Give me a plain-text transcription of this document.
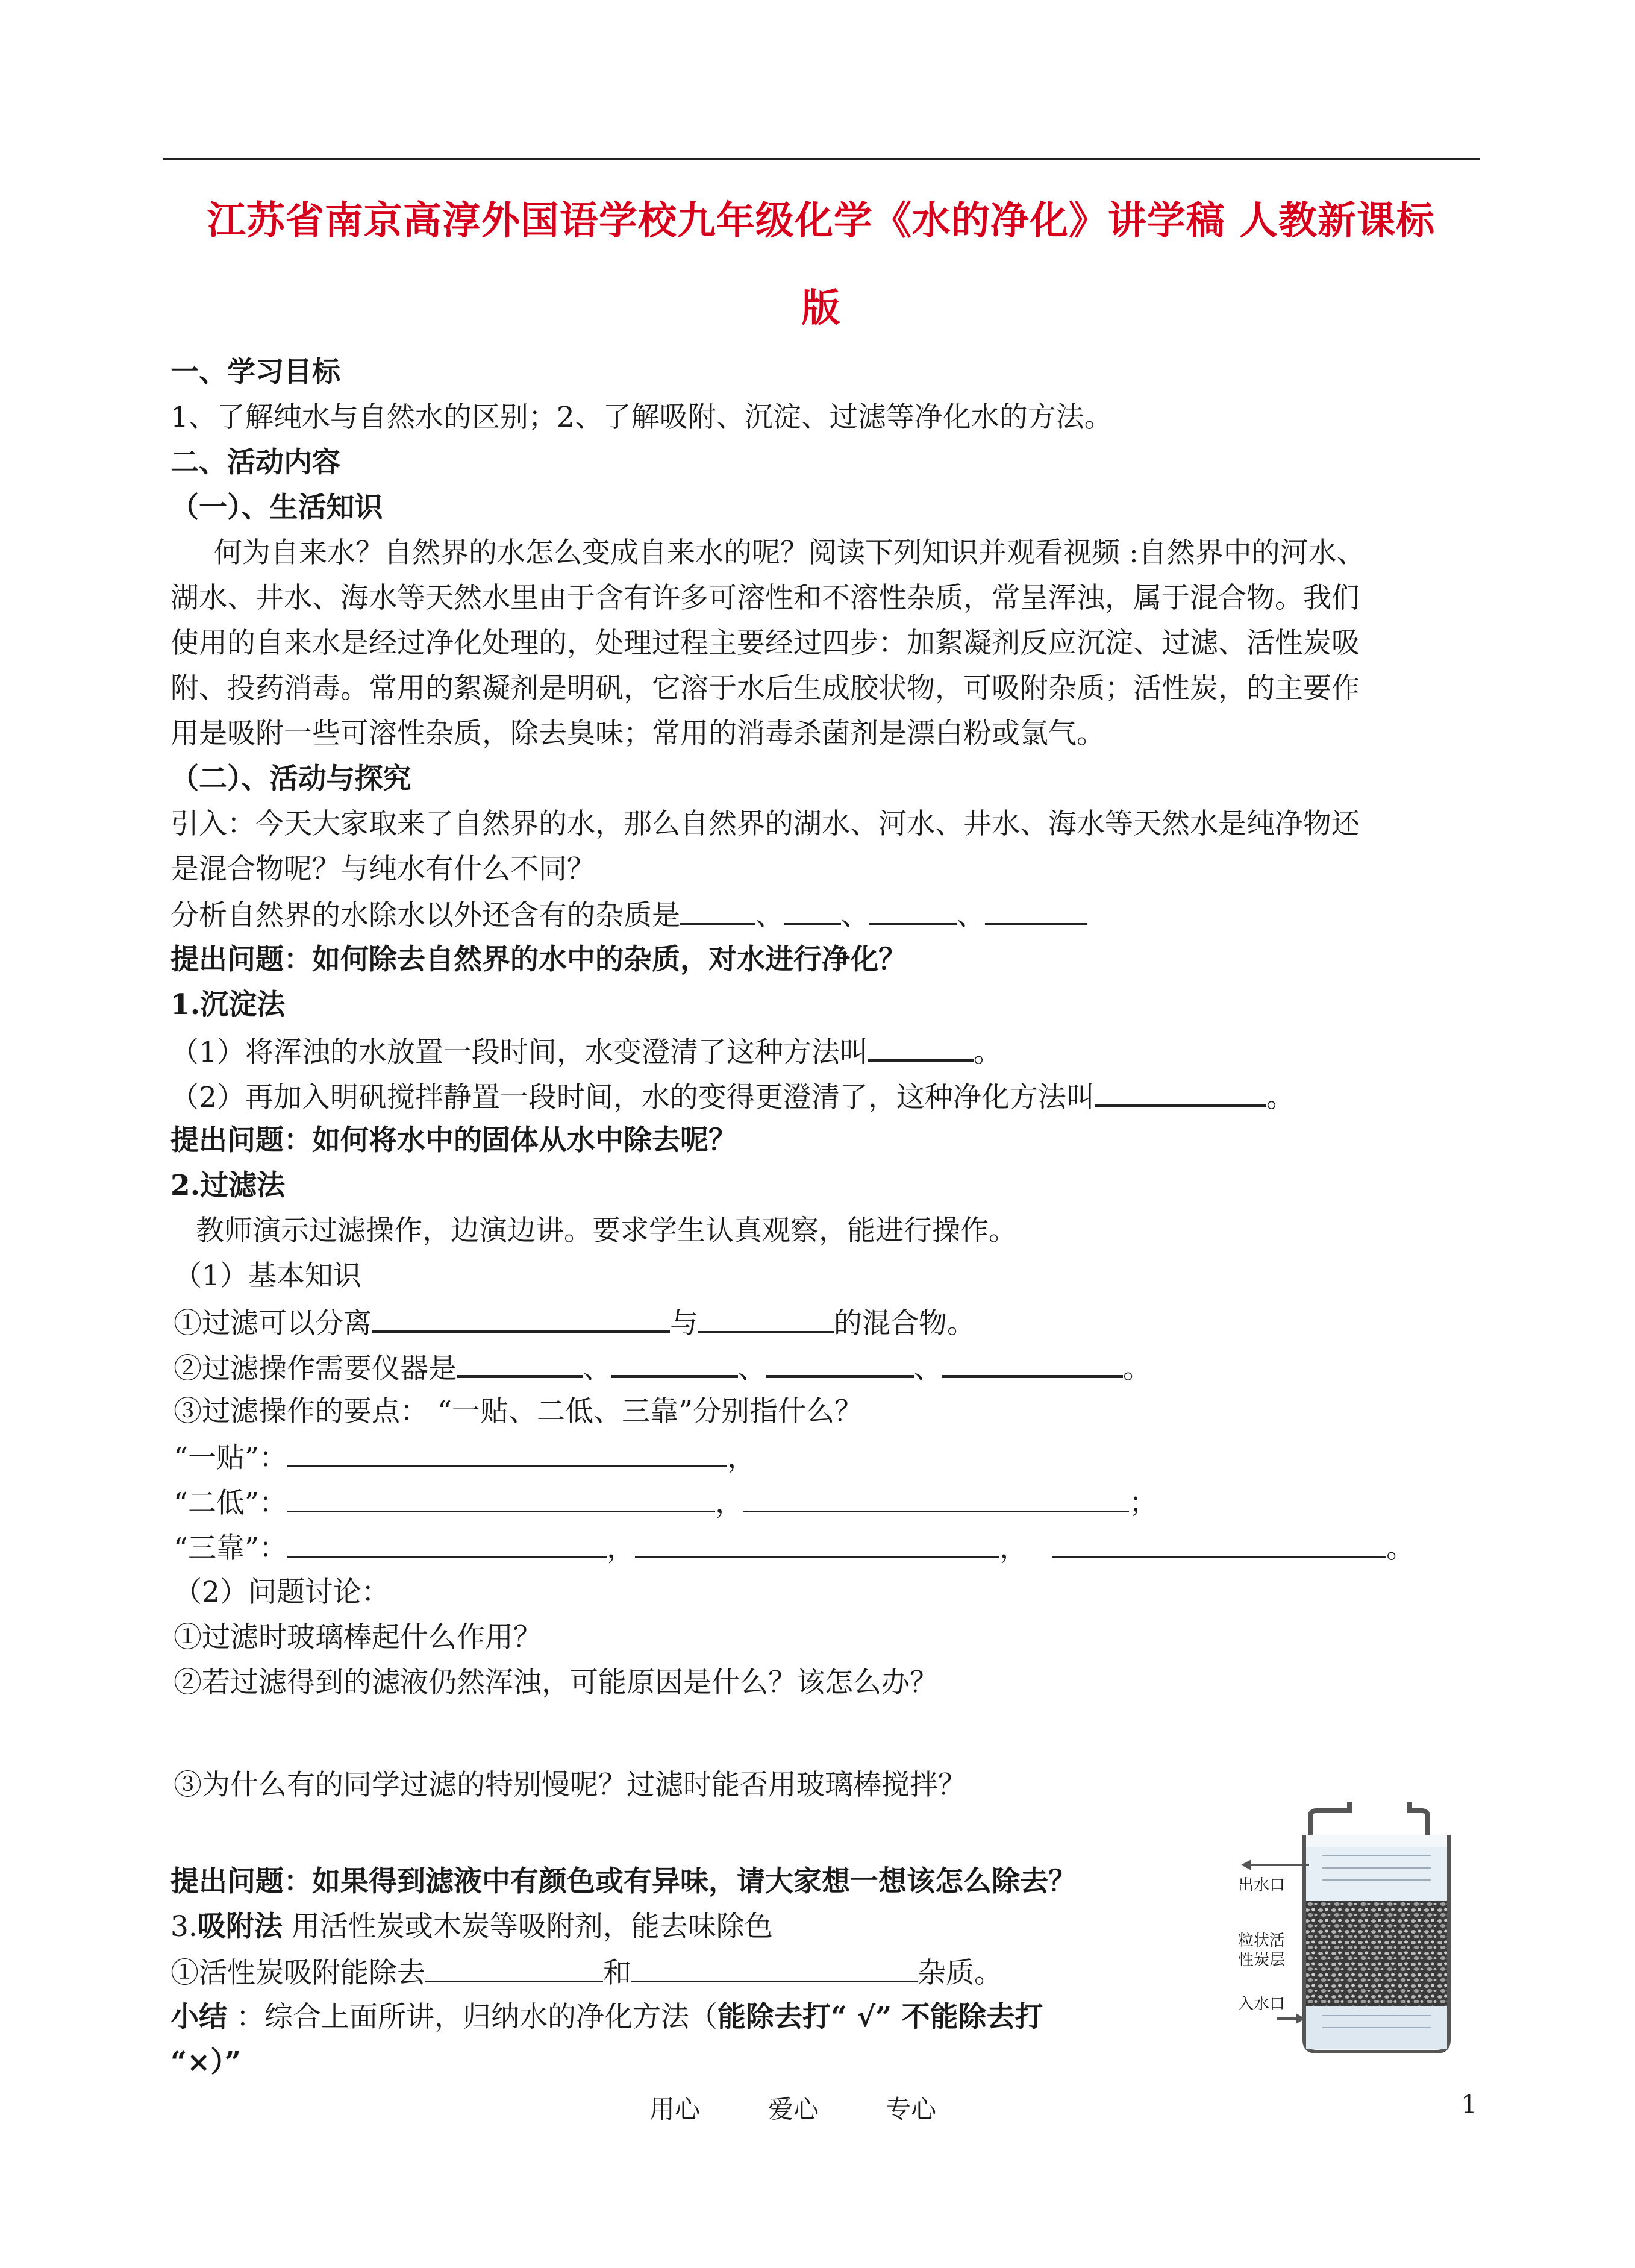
江苏省南京高淳外国语学校九年级化学《水的净化》讲学稿 人教新课标
版
一、学习目标
1、了解纯水与自然水的区别；2、了解吸附、沉淀、过滤等净化水的方法。
二、活动内容
（一）、生活知识
何为自来水？自然界的水怎么变成自来水的呢？阅读下列知识并观看视频 :自然界中的河水、
湖水、井水、海水等天然水里由于含有许多可溶性和不溶性杂质，常呈浑浊，属于混合物。我们
使用的自来水是经过净化处理的，处理过程主要经过四步：加絮凝剂反应沉淀、过滤、活性炭吸
附、投药消毒。常用的絮凝剂是明矾，它溶于水后生成胶状物，可吸附杂质；活性炭，的主要作
用是吸附一些可溶性杂质，除去臭味；常用的消毒杀菌剂是漂白粉或氯气。
（二）、活动与探究
引入：今天大家取来了自然界的水，那么自然界的湖水、河水、井水、海水等天然水是纯净物还
是混合物呢？与纯水有什么不同？
分析自然界的水除水以外还含有的杂质是	、 、	、
提出问题：如何除去自然界的水中的杂质，对水进行净化？
1.沉淀法
（1）将浑浊的水放置一段时间，水变澄清了这种方法叫	。
（2）再加入明矾搅拌静置一段时间，水的变得更澄清了，这种净化方法叫	。
提出问题：如何将水中的固体从水中除去呢？
2.过滤法
教师演示过滤操作，边演边讲。要求学生认真观察，能进行操作。
（1）基本知识
①过滤可以分离	与	的混合物。
②过滤操作需要仪器是	、	、	、	。
③过滤操作的要点： “一贴、二低、三靠”分别指什么？
“一贴”：	，
“二低”：	，	；
“三靠”：	，	，	。
（2）问题讨论：
①过滤时玻璃棒起什么作用？
②若过滤得到的滤液仍然浑浊，可能原因是什么？该怎么办？
③为什么有的同学过滤的特别慢呢？过滤时能否用玻璃棒搅拌？
提出问题：如果得到滤液中有颜色或有异味，请大家想一想该怎么除去？
3.吸附法 用活性炭或木炭等吸附剂，能去味除色
①活性炭吸附能除去	和	杂质。
小结 ：综合上面所讲，归纳水的净化方法（能除去打“ √” 不能除去打
“×）”
出水口
粒状活
性炭层
入水口
用心	爱心	专心	1
